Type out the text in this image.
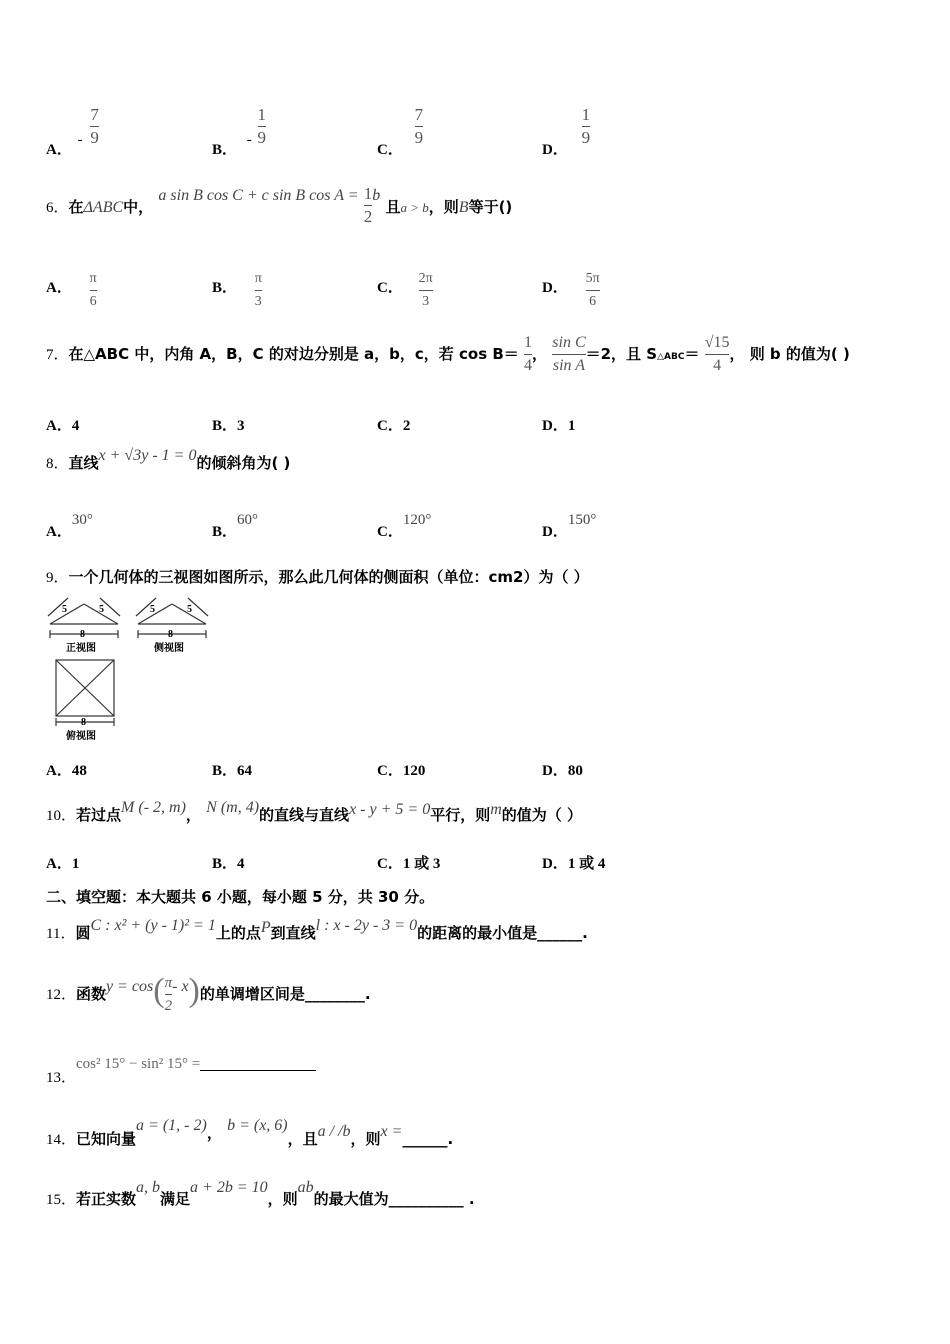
A． - $\frac{7}{9}$
B． - $\frac{1}{9}$
C．
$\frac{7}{9}$
D．
$\frac{1}{9}$
6．在ΔABC中， a sin B cos C + c sin B $\cos A = \frac{1}{2}$ b 且a > b，则B等于()
A． $\frac{\pi}{6}$	B． $\frac{\pi}{3}$	C． $\frac{2\pi}{3}$	D． $\frac{5\pi}{6}$
7．在△ABC 中，内角 A，B，C 的对边分别是 a，b，c，若 $\cos B= \frac{1}{4}$ ， $\frac{\text{sin C}}{\text{sin A}} =2$，且 S△ABC＝ $\frac{√15}{4}$ ， 则 b 的值为( )
A．4	B．3	C．2	D．1
8．直线x + √3y - 1 = 0的倾斜角为( )
A．30°
B．60°
C．120°
D．150°
9．一个几何体的三视图如图所示，那么此几何体的侧面积（单位：cm2）为（ ）
5	5
8
正视图
5	5
8
侧视图
8
俯视图
A．48	B．64	C．120	D．80
10．若过点M (- 2, m)， N (m, 4)的直线与直线x - y + 5 = 0平行，则m的值为（ ）
A．1	B．4	C．1 或 3	D．1 或 4
二、填空题：本大题共 6 小题，每小题 5 分，共 30 分。
11．圆C : x² + (y - 1)² = 1上的点P到直线l : x - 2y - 3 = 0的距离的最小值是______.
12．函数$y = \cos( \frac{\pi}{2} - x)$的单调增区间是________.
13．cos² 15° − sin² 15° =
14．已知向量a = (1, - 2)， b = (x, 6)，且a / /b，则x =______.
15．若正实数a, b满足a + 2b = 10，则ab的最大值为__________ .
